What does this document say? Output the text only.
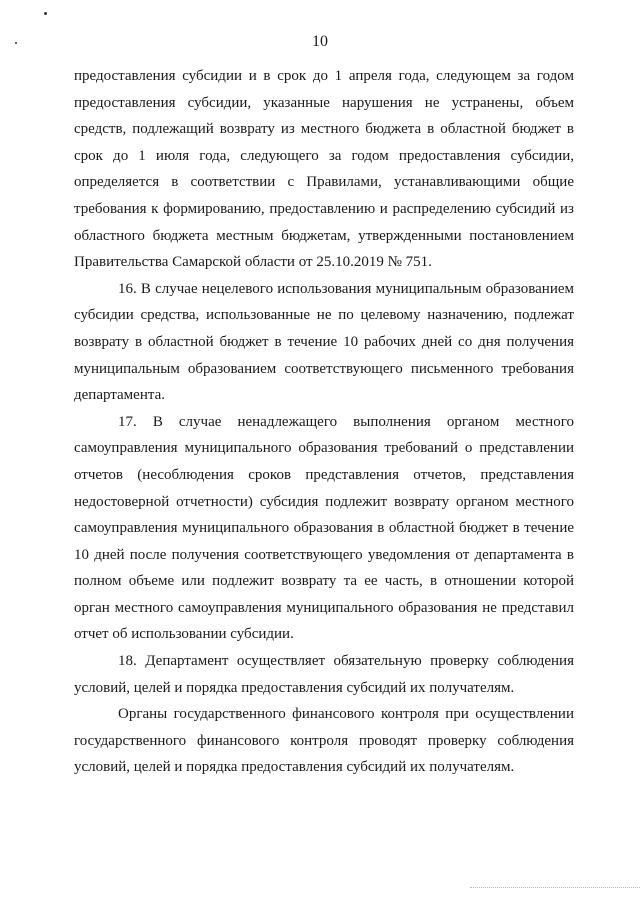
10

предоставления субсидии и в срок до 1 апреля года, следующем за годом предоставления субсидии, указанные нарушения не устранены, объем средств, подлежащий возврату из местного бюджета в областной бюджет в срок до 1 июля года, следующего за годом предоставления субсидии, определяется в соответствии с Правилами, устанавливающими общие требования к формированию, предоставлению и распределению субсидий из областного бюджета местным бюджетам, утвержденными постановлением Правительства Самарской области от 25.10.2019 № 751.

16. В случае нецелевого использования муниципальным образованием субсидии средства, использованные не по целевому назначению, подлежат возврату в областной бюджет в течение 10 рабочих дней со дня получения муниципальным образованием соответствующего письменного требования департамента.

17. В случае ненадлежащего выполнения органом местного самоуправления муниципального образования требований о представлении отчетов (несоблюдения сроков представления отчетов, представления недостоверной отчетности) субсидия подлежит возврату органом местного самоуправления муниципального образования в областной бюджет в течение 10 дней после получения соответствующего уведомления от департамента в полном объеме или подлежит возврату та ее часть, в отношении которой орган местного самоуправления муниципального образования не представил отчет об использовании субсидии.

18. Департамент осуществляет обязательную проверку соблюдения условий, целей и порядка предоставления субсидий их получателям.

Органы государственного финансового контроля при осуществлении государственного финансового контроля проводят проверку соблюдения условий, целей и порядка предоставления субсидий их получателям.
